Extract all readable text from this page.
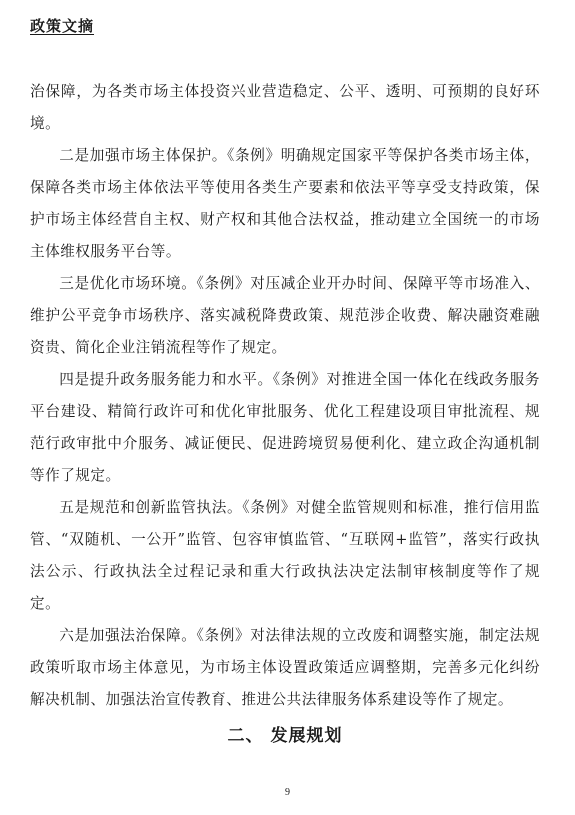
政策文摘

治保障，为各类市场主体投资兴业营造稳定、公平、透明、可预期的良好环境。

二是加强市场主体保护。《条例》明确规定国家平等保护各类市场主体，保障各类市场主体依法平等使用各类生产要素和依法平等享受支持政策，保护市场主体经营自主权、财产权和其他合法权益，推动建立全国统一的市场主体维权服务平台等。

三是优化市场环境。《条例》对压减企业开办时间、保障平等市场准入、维护公平竞争市场秩序、落实减税降费政策、规范涉企收费、解决融资难融资贵、简化企业注销流程等作了规定。

四是提升政务服务能力和水平。《条例》对推进全国一体化在线政务服务平台建设、精简行政许可和优化审批服务、优化工程建设项目审批流程、规范行政审批中介服务、减证便民、促进跨境贸易便利化、建立政企沟通机制等作了规定。

五是规范和创新监管执法。《条例》对健全监管规则和标准，推行信用监管、“双随机、一公开”监管、包容审慎监管、“互联网+监管”，落实行政执法公示、行政执法全过程记录和重大行政执法决定法制审核制度等作了规定。

六是加强法治保障。《条例》对法律法规的立改废和调整实施，制定法规政策听取市场主体意见，为市场主体设置政策适应调整期，完善多元化纠纷解决机制、加强法治宣传教育、推进公共法律服务体系建设等作了规定。

二、 发展规划
9
